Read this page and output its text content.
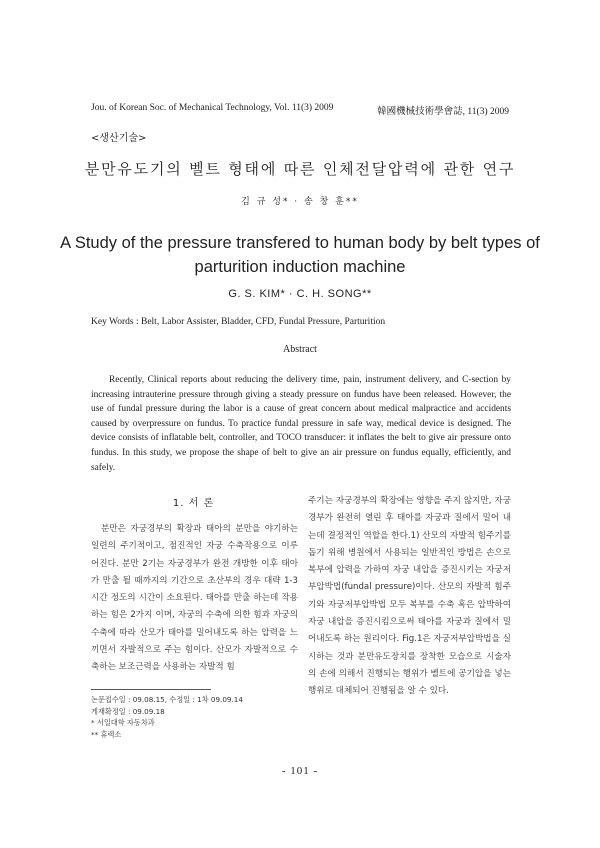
Jou. of Korean Soc. of Mechanical Technology, Vol. 11(3) 2009	韓國機械技術學會誌, 11(3) 2009
<생산기술>
분만유도기의 벨트 형태에 따른 인체전달압력에 관한 연구
김 규 성* · 송 창 훈**
A Study of the pressure transfered to human body by belt types of parturition induction machine
G. S. KIM* · C. H. SONG**
Key Words : Belt, Labor Assister, Bladder, CFD, Fundal Pressure, Parturition
Abstract
Recently, Clinical reports about reducing the delivery time, pain, instrument delivery, and C-section by increasing intrauterine pressure through giving a steady pressure on fundus have been released. However, the use of fundal pressure during the labor is a cause of great concern about medical malpractice and accidents caused by overpressure on fundus. To practice fundal pressure in safe way, medical device is designed. The device consists of inflatable belt, controller, and TOCO transducer: it inflates the belt to give air pressure onto fundus. In this study, we propose the shape of belt to give an air pressure on fundus equally, efficiently, and safely.
1. 서 론

분만은 자궁경부의 확장과 태아의 분만을 야기하는 일련의 주기적이고, 점진적인 자궁 수축작용으로 이루어진다. 분만 2기는 자궁경부가 완전 개방한 이후 태아가 만출 될 때까지의 기간으로 초산부의 경우 대략 1-3시간 정도의 시간이 소요된다. 태아를 만출 하는데 작용하는 힘은 2가지 이며, 자궁의 수축에 의한 힘과 자궁의 수축에 따라 산모가 태아를 밀어내도록 하는 압력을 느끼면서 자발적으로 주는 힘이다. 산모가 자발적으로 수축하는 보조근력을 사용하는 자발적 힘

주기는 자궁경부의 확장에는 영향을 주지 않지만, 자궁경부가 완전히 열린 후 태아를 자궁과 질에서 밀어 내는데 결정적인 역할을 한다.1) 산모의 자발적 힘주기를 돕기 위해 병원에서 사용되는 일반적인 방법은 손으로 복부에 압력을 가하여 자궁 내압을 증진시키는 자궁저부압박법(fundal pressure)이다. 산모의 자발적 힘주기와 자궁저부압박법 모두 복부를 수축 혹은 압박하여 자궁 내압을 증진시킴으로써 태아를 자궁과 질에서 밀어내도록 하는 원리이다. Fig.1은 자궁저부압박법을 실시하는 것과 분만유도장치를 장착한 모습으로 시술자의 손에 의해서 진행되는 행위가 벨트에 공기압을 넣는 행위로 대체되어 진행됨을 알 수 있다.

논문접수일 : 09.08.15, 수정일 : 1차 09.09.14
게재확정일 : 09.09.18
* 서일대학 자동차과
** 휴렉소
- 101 -
